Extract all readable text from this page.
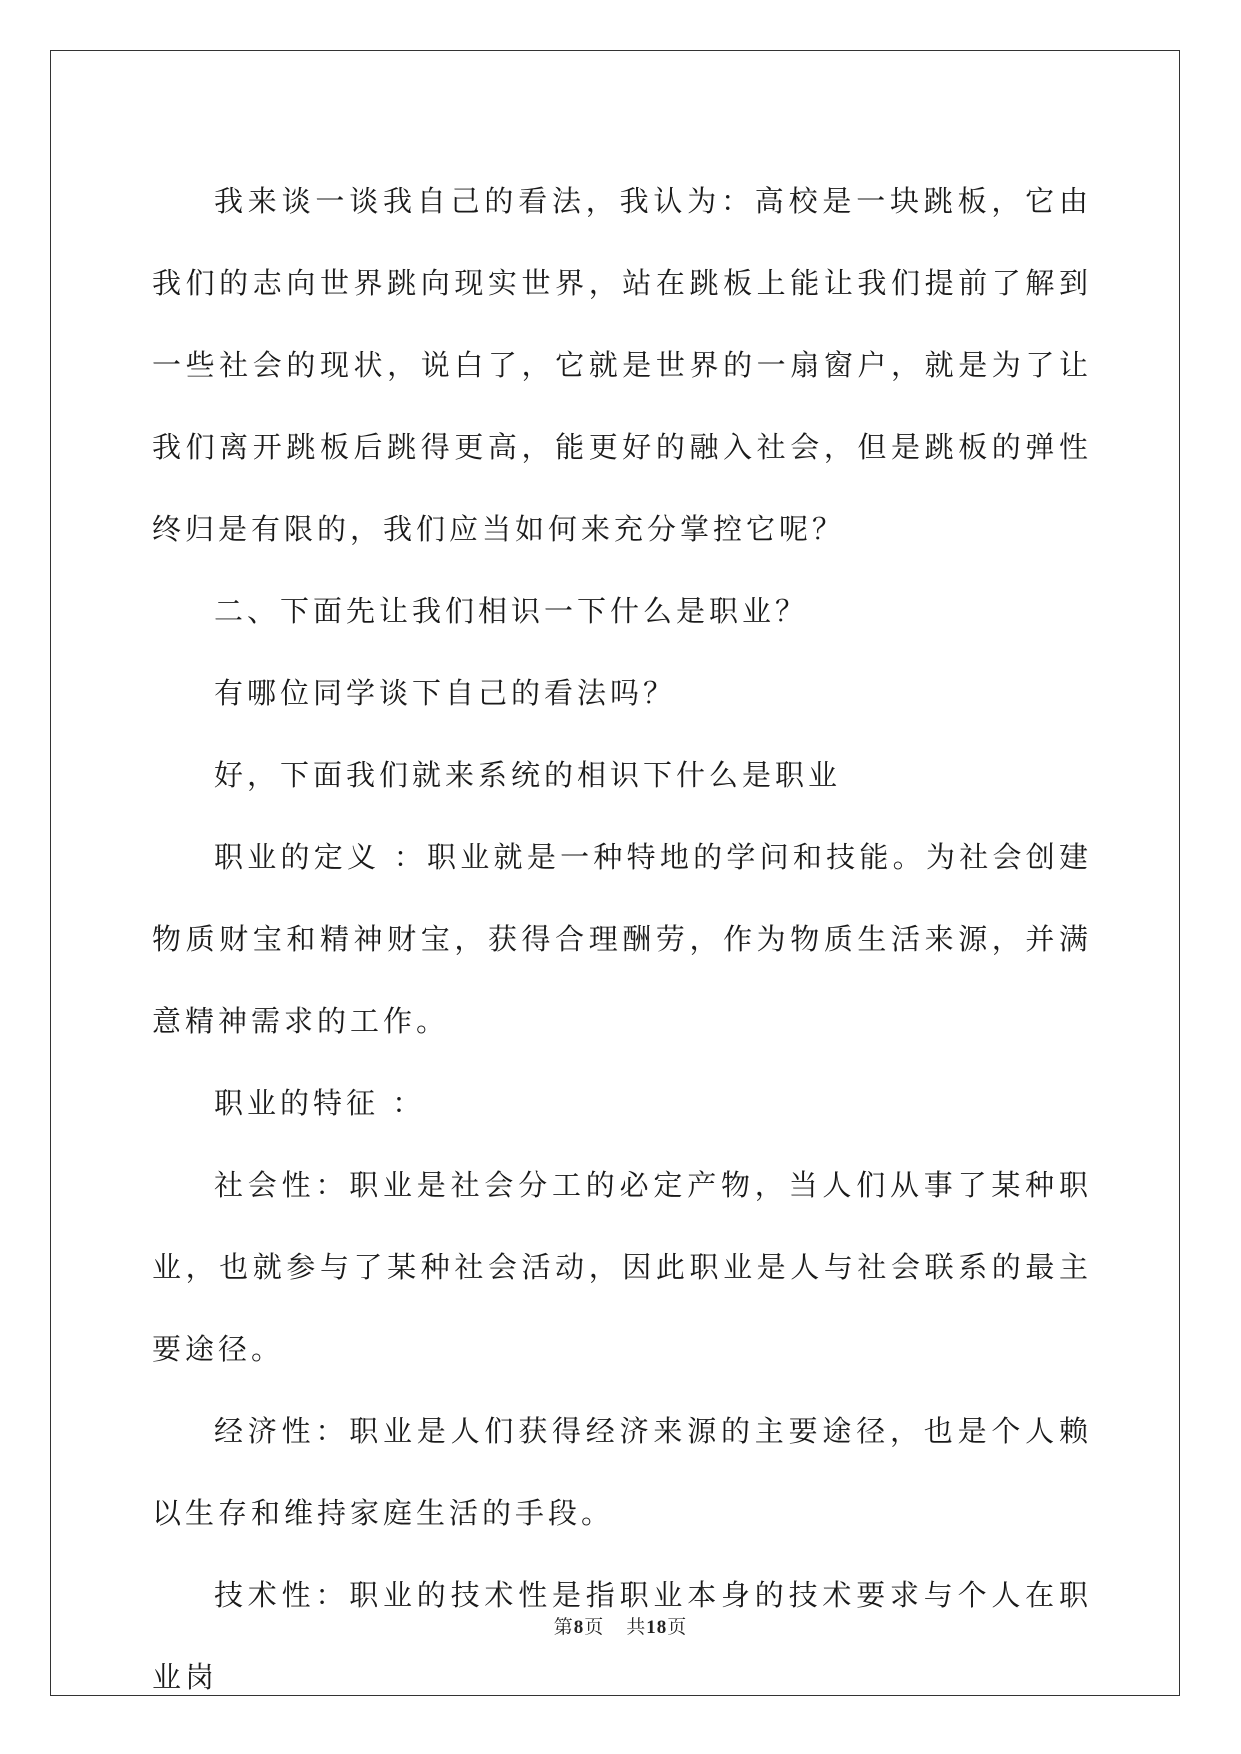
我来谈一谈我自己的看法，我认为：高校是一块跳板，它由我们的志向世界跳向现实世界，站在跳板上能让我们提前了解到一些社会的现状，说白了，它就是世界的一扇窗户，就是为了让我们离开跳板后跳得更高，能更好的融入社会，但是跳板的弹性终归是有限的，我们应当如何来充分掌控它呢？

二、下面先让我们相识一下什么是职业？

有哪位同学谈下自己的看法吗？

好，下面我们就来系统的相识下什么是职业

职业的定义 ：职业就是一种特地的学问和技能。为社会创建物质财宝和精神财宝，获得合理酬劳，作为物质生活来源，并满意精神需求的工作。

职业的特征 ：

社会性：职业是社会分工的必定产物，当人们从事了某种职业，也就参与了某种社会活动，因此职业是人与社会联系的最主要途径。

经济性：职业是人们获得经济来源的主要途径，也是个人赖以生存和维持家庭生活的手段。

技术性：职业的技术性是指职业本身的技术要求与个人在职业岗

第8页 共18页
